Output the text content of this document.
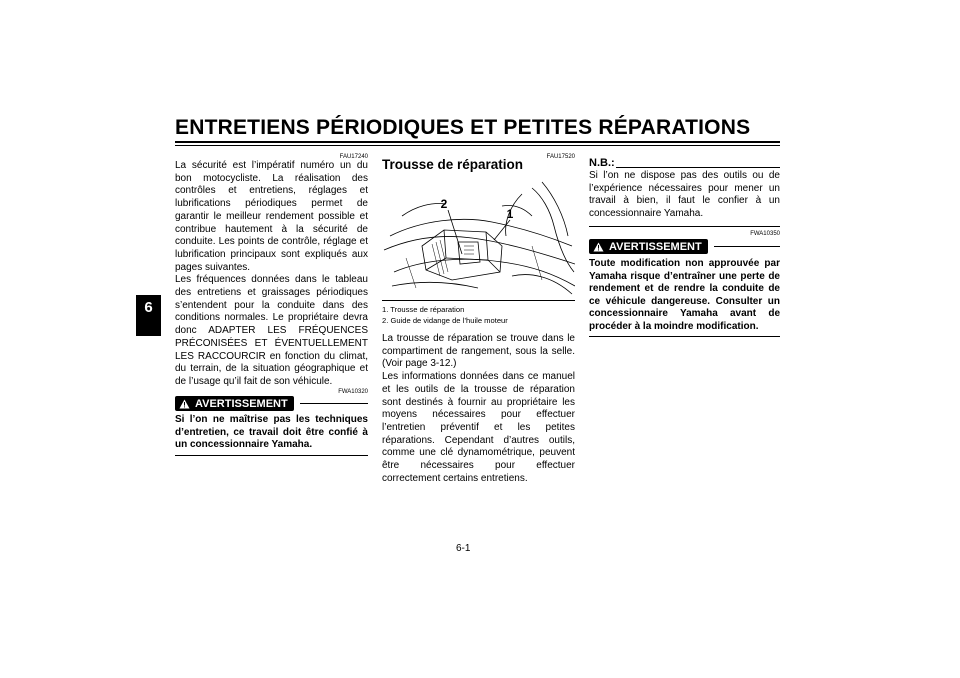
ENTRETIENS PÉRIODIQUES ET PETITES RÉPARATIONS
6
FAU17240

La sécurité est l’impératif numéro un du bon motocycliste. La réalisation des contrôles et entretiens, réglages et lubrifications périodiques permet de garantir le meilleur rendement possible et contribue hautement à la sécurité de conduite. Les points de contrôle, réglage et lubrification principaux sont expliqués aux pages suivantes.

Les fréquences données dans le tableau des entretiens et graissages périodiques s’entendent pour la conduite dans des conditions normales. Le propriétaire devra donc ADAPTER LES FRÉQUENCES PRÉCONISÉES ET ÉVENTUELLEMENT LES RACCOURCIR en fonction du climat, du terrain, de la situation géographique et de l’usage qu’il fait de son véhicule.

FWA10320
AVERTISSEMENT
Si l’on ne maîtrise pas les techniques d’entretien, ce travail doit être confié à un concessionnaire Yamaha.
FAU17520
Trousse de réparation
2
1
1. Trousse de réparation
2. Guide de vidange de l’huile moteur

La trousse de réparation se trouve dans le compartiment de rangement, sous la selle. (Voir page 3-12.)

Les informations données dans ce manuel et les outils de la trousse de réparation sont destinés à fournir au propriétaire les moyens nécessaires pour effectuer l’entretien préventif et les petites réparations. Cependant d’autres outils, comme une clé dynamométrique, peuvent être nécessaires pour effectuer correctement certains entretiens.

N.B.:
Si l’on ne dispose pas des outils ou de l’expérience nécessaires pour mener un travail à bien, il faut le confier à un concessionnaire Yamaha.
FWA10350
AVERTISSEMENT
Toute modification non approuvée par Yamaha risque d’entraîner une perte de rendement et de rendre la conduite de ce véhicule dangereuse. Consulter un concessionnaire Yamaha avant de procéder à la moindre modification.
6-1
